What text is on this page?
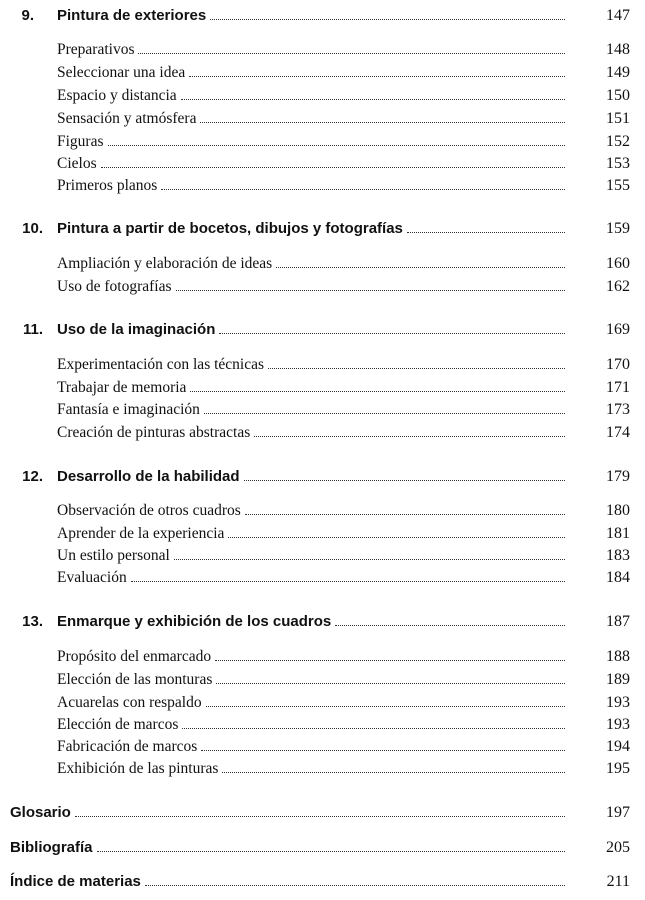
9. Pintura de exteriores	147
Preparativos	148
Seleccionar una idea	149
Espacio y distancia	150
Sensación y atmósfera	151
Figuras	152
Cielos	153
Primeros planos	155
10. Pintura a partir de bocetos, dibujos y fotografías	159
Ampliación y elaboración de ideas	160
Uso de fotografías	162
11. Uso de la imaginación	169
Experimentación con las técnicas	170
Trabajar de memoria	171
Fantasía e imaginación	173
Creación de pinturas abstractas	174
12. Desarrollo de la habilidad	179
Observación de otros cuadros	180
Aprender de la experiencia	181
Un estilo personal	183
Evaluación	184
13. Enmarque y exhibición de los cuadros	187
Propósito del enmarcado	188
Elección de las monturas	189
Acuarelas con respaldo	193
Elección de marcos	193
Fabricación de marcos	194
Exhibición de las pinturas	195
Glosario	197
Bibliografía	205
Índice de materias	211
